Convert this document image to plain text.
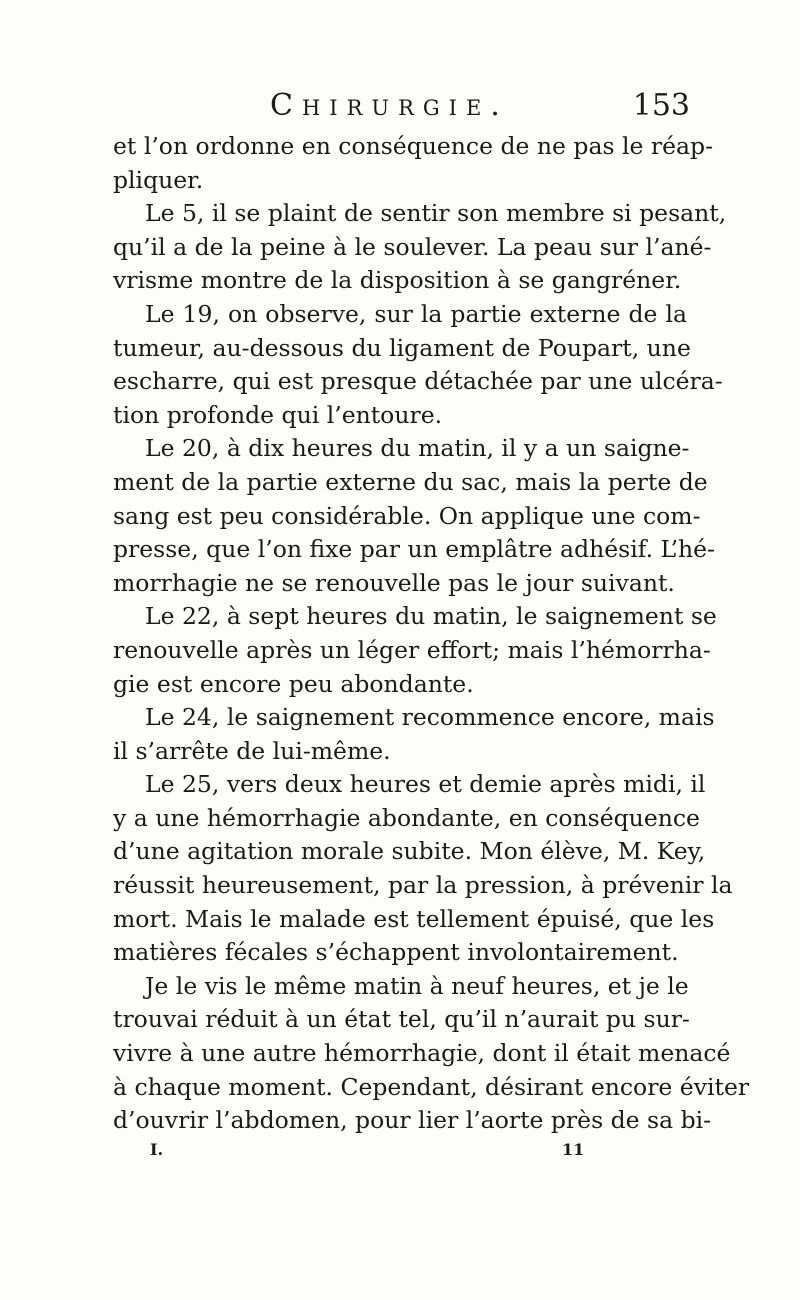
Chirurgie.	153
et l’on ordonne en conséquence de ne pas le réap-
pliquer.
Le 5, il se plaint de sentir son membre si pesant,
qu’il a de la peine à le soulever. La peau sur l’ané-
vrisme montre de la disposition à se gangréner.
Le 19, on observe, sur la partie externe de la
tumeur, au-dessous du ligament de Poupart, une
escharre, qui est presque détachée par une ulcéra-
tion profonde qui l’entoure.
Le 20, à dix heures du matin, il y a un saigne-
ment de la partie externe du sac, mais la perte de
sang est peu considérable. On applique une com-
presse, que l’on fixe par un emplâtre adhésif. L’hé-
morrhagie ne se renouvelle pas le jour suivant.
Le 22, à sept heures du matin, le saignement se
renouvelle après un léger effort; mais l’hémorrha-
gie est encore peu abondante.
Le 24, le saignement recommence encore, mais
il s’arrête de lui-même.
Le 25, vers deux heures et demie après midi, il
y a une hémorrhagie abondante, en conséquence
d’une agitation morale subite. Mon élève, M. Key,
réussit heureusement, par la pression, à prévenir la
mort. Mais le malade est tellement épuisé, que les
matières fécales s’échappent involontairement.
Je le vis le même matin à neuf heures, et je le
trouvai réduit à un état tel, qu’il n’aurait pu sur-
vivre à une autre hémorrhagie, dont il était menacé
à chaque moment. Cependant, désirant encore éviter
d’ouvrir l’abdomen, pour lier l’aorte près de sa bi-
I.	11
